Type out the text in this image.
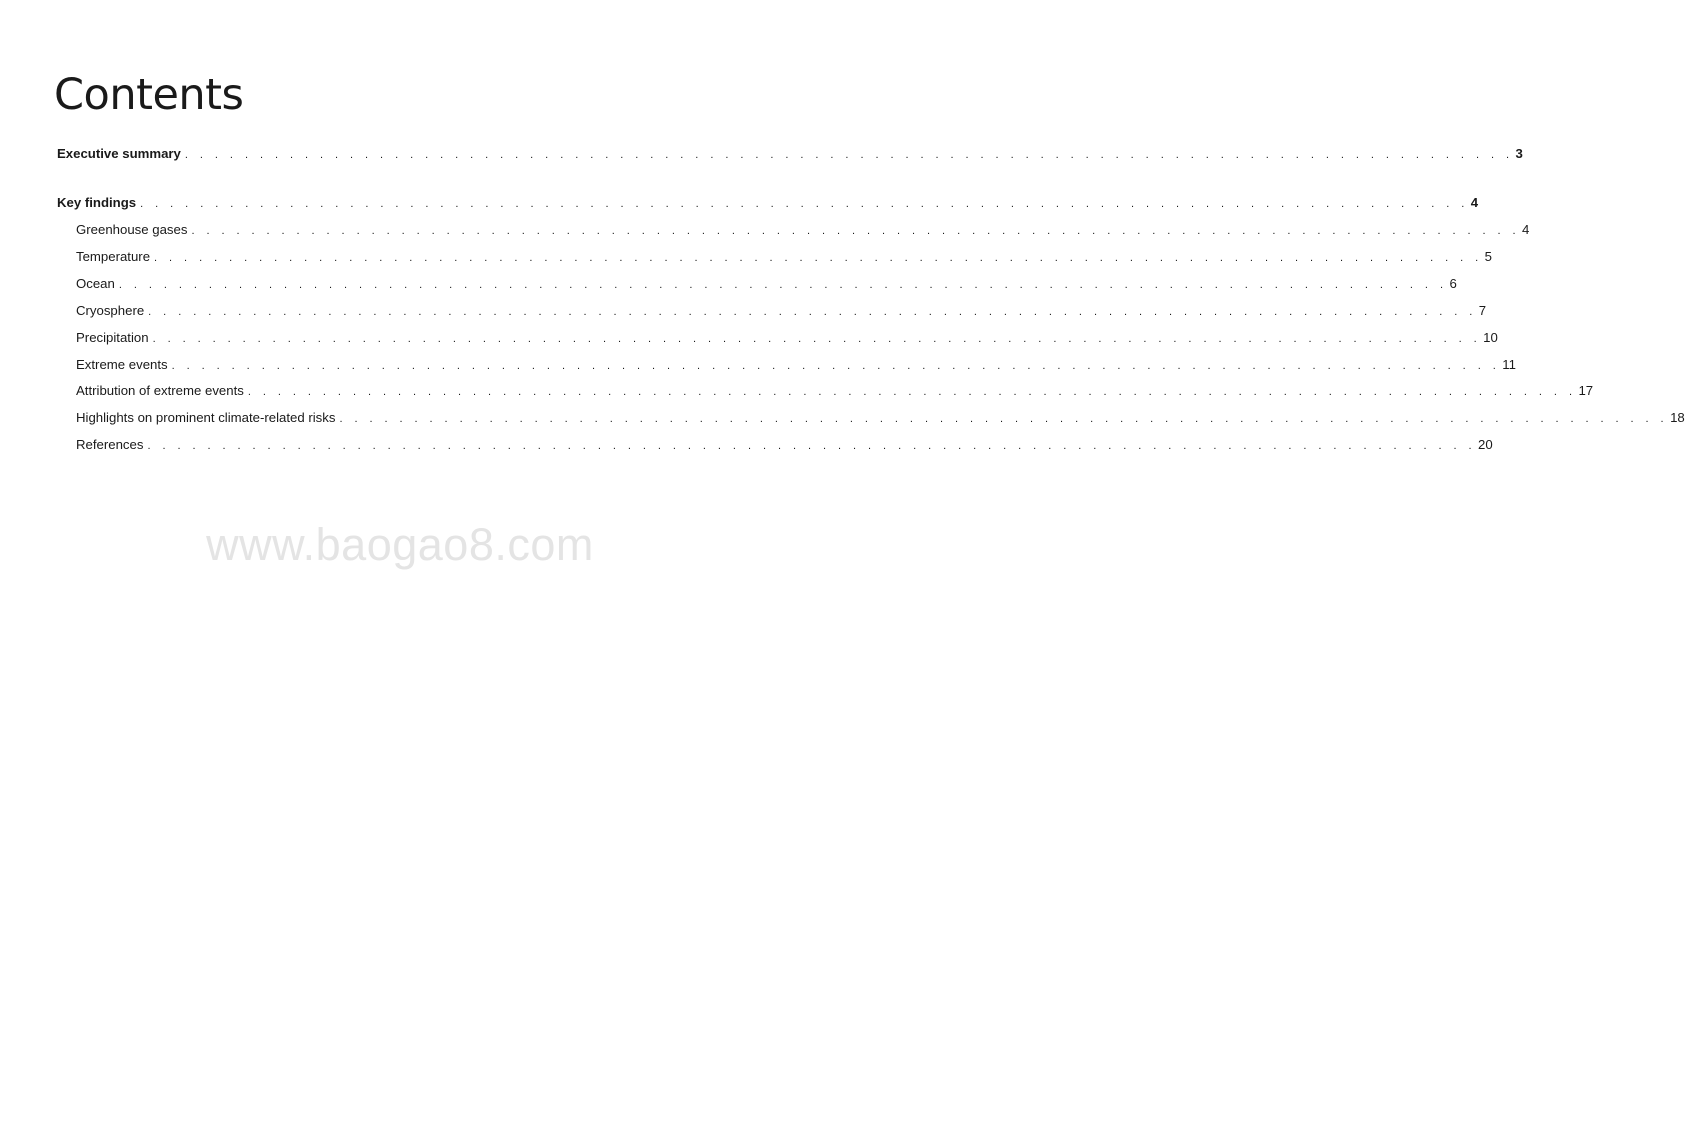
Contents
Executive summary . . . . . . . . . . . . . . . . . . . . . . . . . . . . . . . . . . . . . . . . . . . . . . . . . . . . . . . . . . . . . . . . . . . . . . . . . . . . . . . . . . . . . . . . . 3
Key findings . . . . . . . . . . . . . . . . . . . . . . . . . . . . . . . . . . . . . . . . . . . . . . . . . . . . . . . . . . . . . . . . . . . . . . . . . . . . . . . . . . . . . . . . . 4
Greenhouse gases . . . . . . . . . . . . . . . . . . . . . . . . . . . . . . . . . . . . . . . . . . . . . . . . . . . . . . . . . . . . . . . . . . . . . . . . . . . . . . . . . . . . . . . . . 4
Temperature . . . . . . . . . . . . . . . . . . . . . . . . . . . . . . . . . . . . . . . . . . . . . . . . . . . . . . . . . . . . . . . . . . . . . . . . . . . . . . . . . . . . . . . . . 5
Ocean . . . . . . . . . . . . . . . . . . . . . . . . . . . . . . . . . . . . . . . . . . . . . . . . . . . . . . . . . . . . . . . . . . . . . . . . . . . . . . . . . . . . . . . . . 6
Cryosphere . . . . . . . . . . . . . . . . . . . . . . . . . . . . . . . . . . . . . . . . . . . . . . . . . . . . . . . . . . . . . . . . . . . . . . . . . . . . . . . . . . . . . . . . . 7
Precipitation . . . . . . . . . . . . . . . . . . . . . . . . . . . . . . . . . . . . . . . . . . . . . . . . . . . . . . . . . . . . . . . . . . . . . . . . . . . . . . . . . . . . . . . . . 10
Extreme events . . . . . . . . . . . . . . . . . . . . . . . . . . . . . . . . . . . . . . . . . . . . . . . . . . . . . . . . . . . . . . . . . . . . . . . . . . . . . . . . . . . . . . . . . 11
Attribution of extreme events . . . . . . . . . . . . . . . . . . . . . . . . . . . . . . . . . . . . . . . . . . . . . . . . . . . . . . . . . . . . . . . . . . . . . . . . . . . . . . . . . . . . . . . . . 17
Highlights on prominent climate-related risks . . . . . . . . . . . . . . . . . . . . . . . . . . . . . . . . . . . . . . . . . . . . . . . . . . . . . . . . . . . . . . . . . . . . . . . . . . . . . . . . . . . . . . . . . 18
References . . . . . . . . . . . . . . . . . . . . . . . . . . . . . . . . . . . . . . . . . . . . . . . . . . . . . . . . . . . . . . . . . . . . . . . . . . . . . . . . . . . . . . . . . 20
www.baogao8.com
